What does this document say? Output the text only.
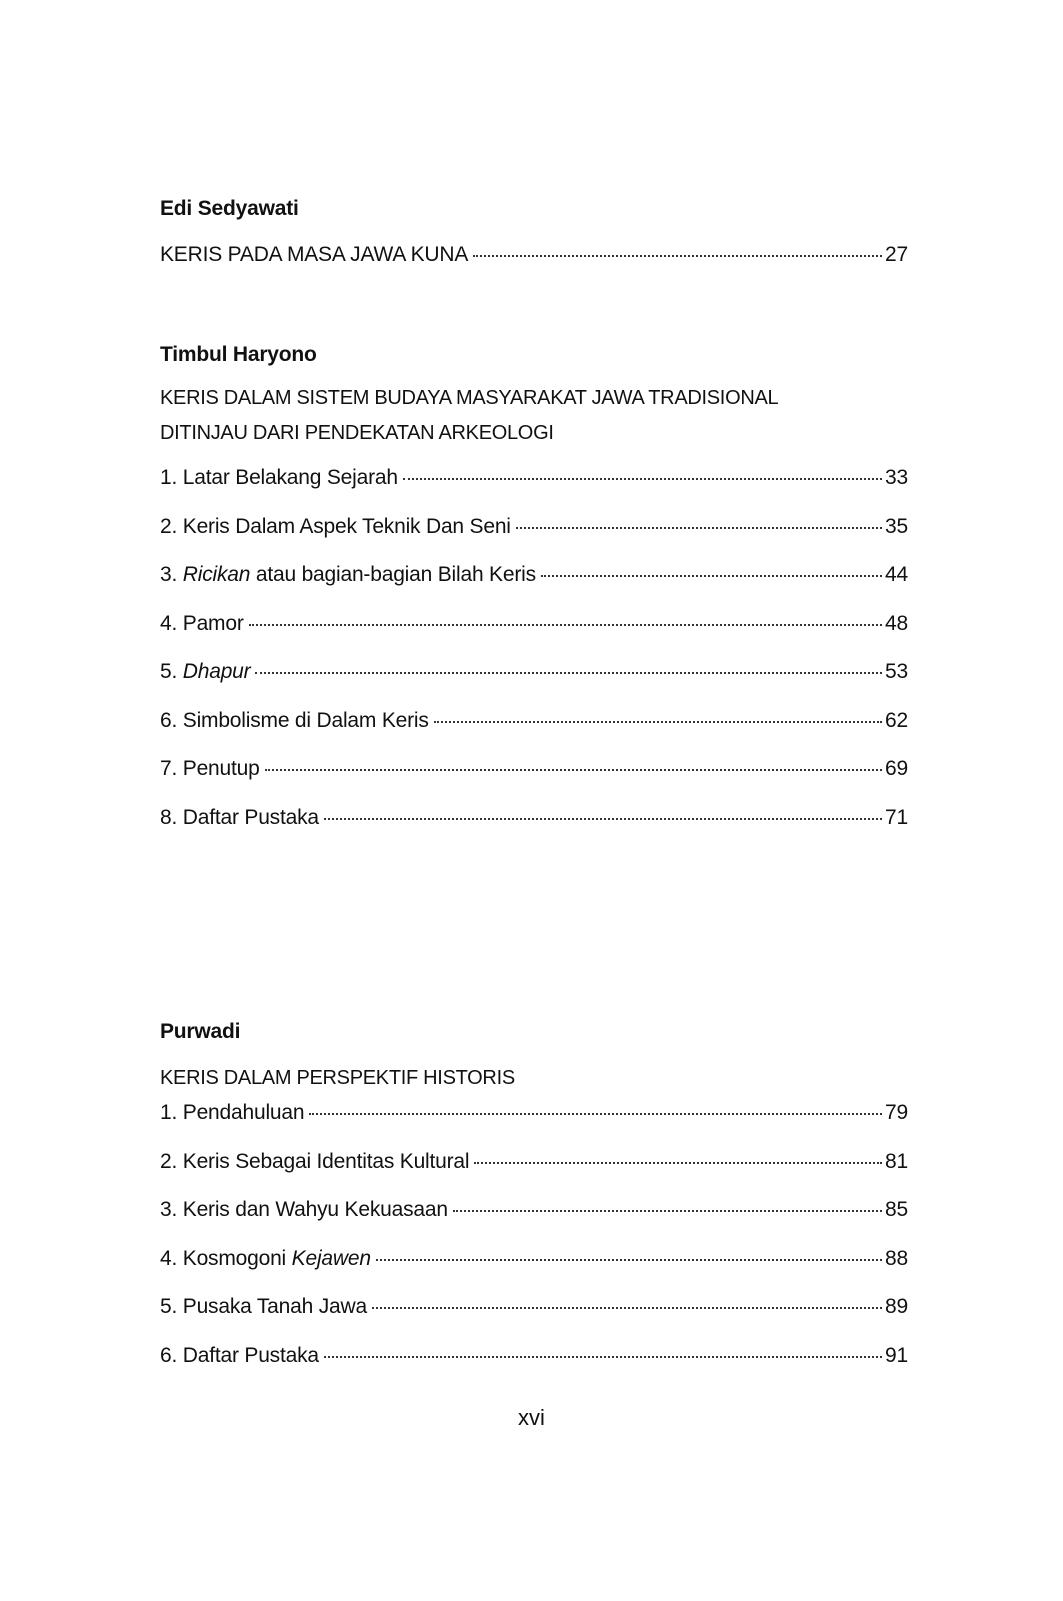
Edi Sedyawati

KERIS PADA MASA JAWA KUNA	27

Timbul Haryono

KERIS DALAM SISTEM BUDAYA MASYARAKAT JAWA TRADISIONAL

DITINJAU DARI PENDEKATAN ARKEOLOGI

1. Latar Belakang Sejarah	33
2. Keris Dalam Aspek Teknik Dan Seni	35
3. Ricikan atau bagian-bagian Bilah Keris	44
4. Pamor	48
5. Dhapur	53
6. Simbolisme di Dalam Keris	62
7. Penutup	69
8. Daftar Pustaka	71

Purwadi

KERIS DALAM PERSPEKTIF HISTORIS

1. Pendahuluan	79
2. Keris Sebagai Identitas Kultural	81
3. Keris dan Wahyu Kekuasaan	85
4. Kosmogoni Kejawen	88
5. Pusaka Tanah Jawa	89
6. Daftar Pustaka	91
xvi
